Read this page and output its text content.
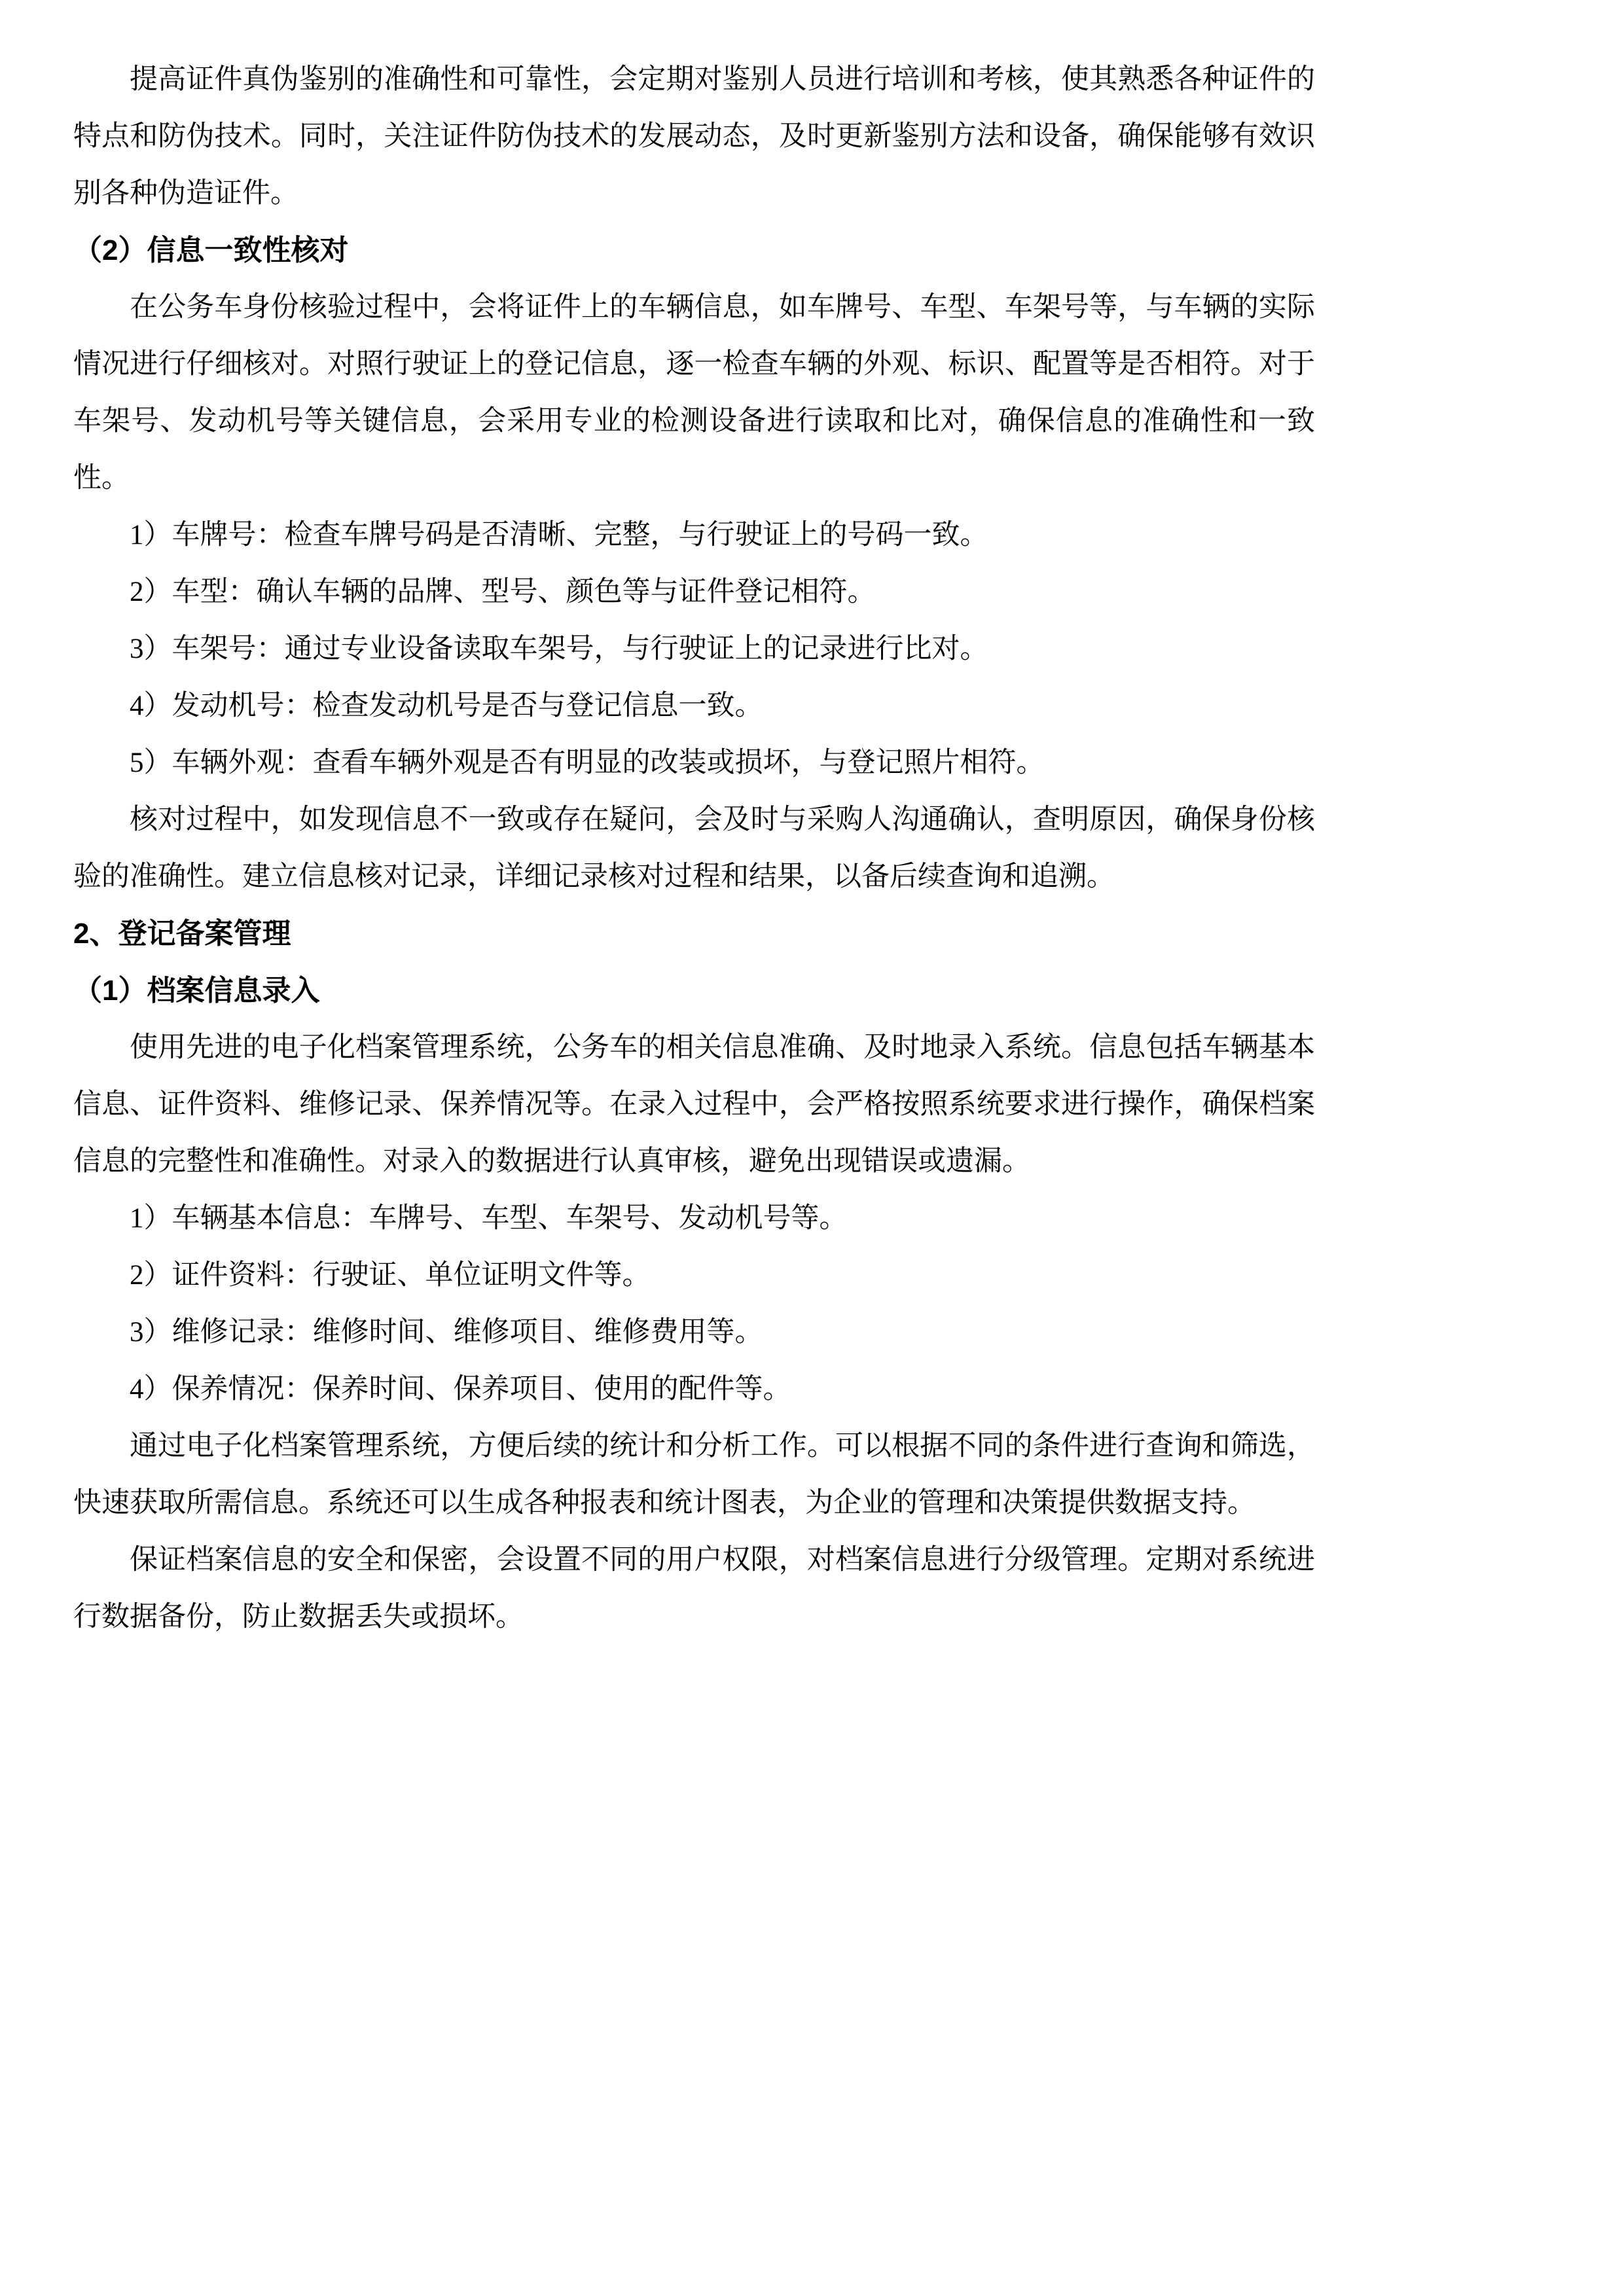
提高证件真伪鉴别的准确性和可靠性，会定期对鉴别人员进行培训和考核，使其熟悉各种证件的特点和防伪技术。同时，关注证件防伪技术的发展动态，及时更新鉴别方法和设备，确保能够有效识别各种伪造证件。

（2）信息一致性核对

在公务车身份核验过程中，会将证件上的车辆信息，如车牌号、车型、车架号等，与车辆的实际情况进行仔细核对。对照行驶证上的登记信息，逐一检查车辆的外观、标识、配置等是否相符。对于车架号、发动机号等关键信息，会采用专业的检测设备进行读取和比对，确保信息的准确性和一致性。

1）车牌号：检查车牌号码是否清晰、完整，与行驶证上的号码一致。

2）车型：确认车辆的品牌、型号、颜色等与证件登记相符。

3）车架号：通过专业设备读取车架号，与行驶证上的记录进行比对。

4）发动机号：检查发动机号是否与登记信息一致。

5）车辆外观：查看车辆外观是否有明显的改装或损坏，与登记照片相符。

核对过程中，如发现信息不一致或存在疑问，会及时与采购人沟通确认，查明原因，确保身份核验的准确性。建立信息核对记录，详细记录核对过程和结果，以备后续查询和追溯。

2、登记备案管理

（1）档案信息录入

使用先进的电子化档案管理系统，公务车的相关信息准确、及时地录入系统。信息包括车辆基本信息、证件资料、维修记录、保养情况等。在录入过程中，会严格按照系统要求进行操作，确保档案信息的完整性和准确性。对录入的数据进行认真审核，避免出现错误或遗漏。

1）车辆基本信息：车牌号、车型、车架号、发动机号等。

2）证件资料：行驶证、单位证明文件等。

3）维修记录：维修时间、维修项目、维修费用等。

4）保养情况：保养时间、保养项目、使用的配件等。

通过电子化档案管理系统，方便后续的统计和分析工作。可以根据不同的条件进行查询和筛选，快速获取所需信息。系统还可以生成各种报表和统计图表，为企业的管理和决策提供数据支持。

保证档案信息的安全和保密，会设置不同的用户权限，对档案信息进行分级管理。定期对系统进行数据备份，防止数据丢失或损坏。
